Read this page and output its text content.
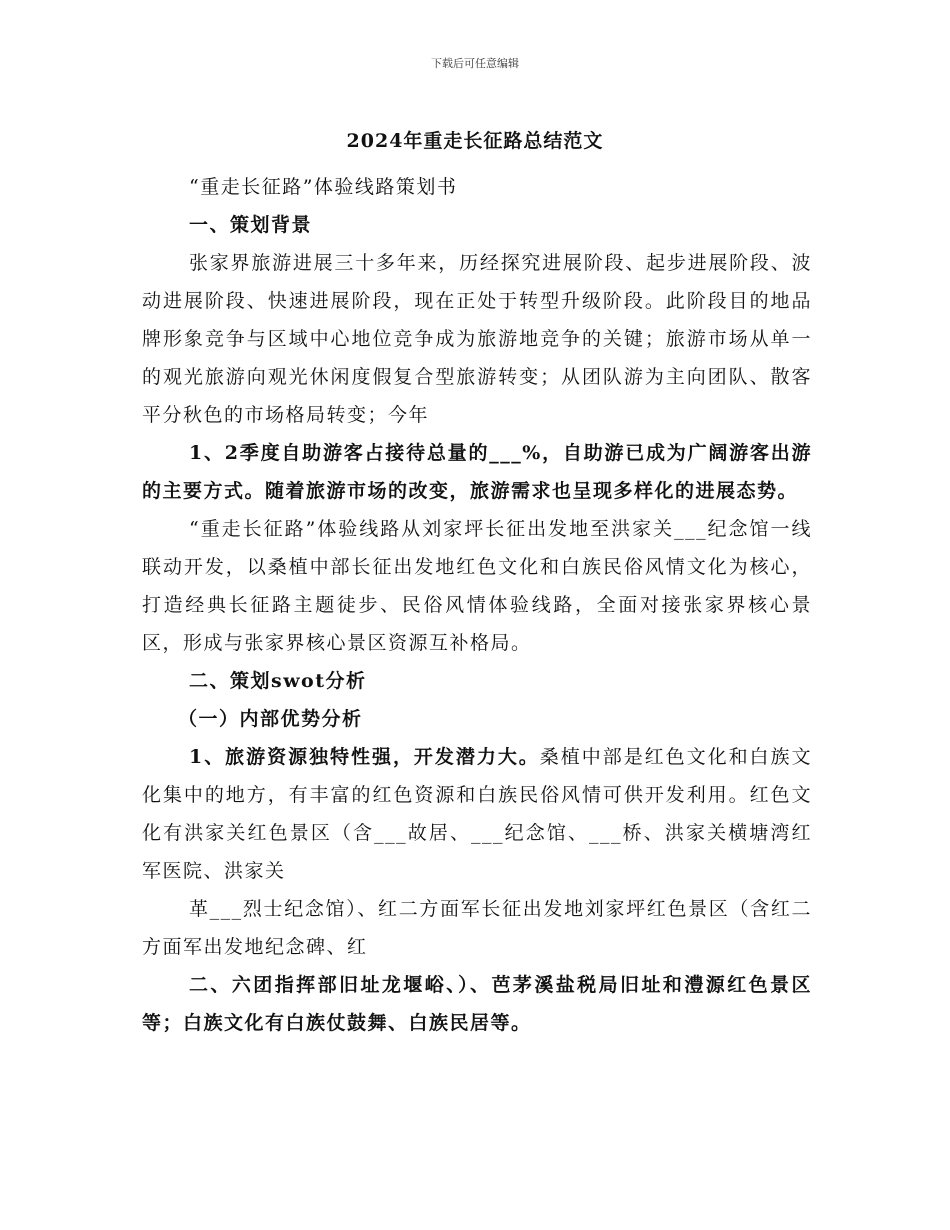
下载后可任意编辑
2024年重走长征路总结范文

“重走长征路”体验线路策划书

一、策划背景

张家界旅游进展三十多年来，历经探究进展阶段、起步进展阶段、波动进展阶段、快速进展阶段，现在正处于转型升级阶段。此阶段目的地品牌形象竞争与区域中心地位竞争成为旅游地竞争的关键；旅游市场从单一的观光旅游向观光休闲度假复合型旅游转变；从团队游为主向团队、散客平分秋色的市场格局转变；今年

1、2季度自助游客占接待总量的___%，自助游已成为广阔游客出游的主要方式。随着旅游市场的改变，旅游需求也呈现多样化的进展态势。

“重走长征路”体验线路从刘家坪长征出发地至洪家关___纪念馆一线联动开发，以桑植中部长征出发地红色文化和白族民俗风情文化为核心，打造经典长征路主题徒步、民俗风情体验线路，全面对接张家界核心景区，形成与张家界核心景区资源互补格局。

二、策划swot分析

（一）内部优势分析

1、旅游资源独特性强，开发潜力大。桑植中部是红色文化和白族文化集中的地方，有丰富的红色资源和白族民俗风情可供开发利用。红色文化有洪家关红色景区（含___故居、___纪念馆、___桥、洪家关横塘湾红军医院、洪家关

革___烈士纪念馆）、红二方面军长征出发地刘家坪红色景区（含红二方面军出发地纪念碑、红

二、六团指挥部旧址龙堰峪、）、芭茅溪盐税局旧址和澧源红色景区等；白族文化有白族仗鼓舞、白族民居等。
